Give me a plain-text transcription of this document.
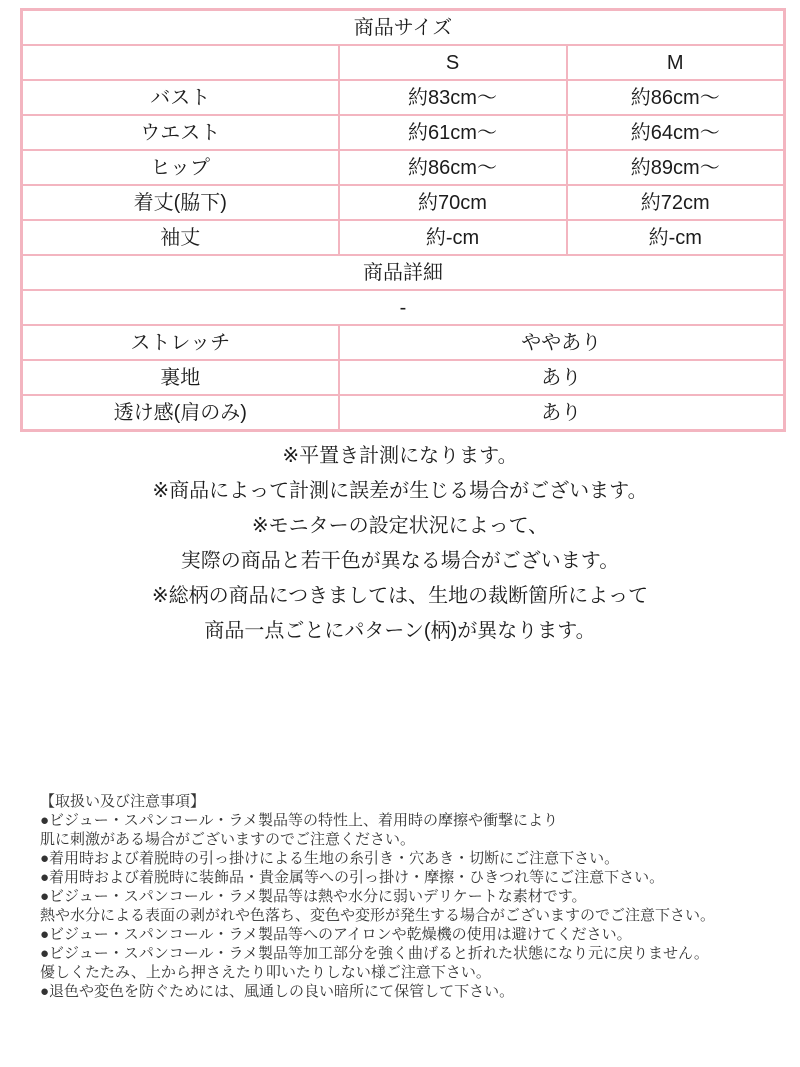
商品サイズ		
	S	M
バスト	約83cm～	約86cm～
ウエスト	約61cm～	約64cm～
ヒップ	約86cm～	約89cm～
着丈(脇下)	約70cm	約72cm
袖丈	約-cm	約-cm
商品詳細		
-		
ストレッチ	ややあり	
裏地	あり	
透け感(肩のみ)	あり	
※平置き計測になります。
※商品によって計測に誤差が生じる場合がございます。
※モニターの設定状況によって、
実際の商品と若干色が異なる場合がございます。
※総柄の商品につきましては、生地の裁断箇所によって
商品一点ごとにパターン(柄)が異なります。
【取扱い及び注意事項】
●ビジュー・スパンコール・ラメ製品等の特性上、着用時の摩擦や衝撃により
肌に刺激がある場合がございますのでご注意ください。
●着用時および着脱時の引っ掛けによる生地の糸引き・穴あき・切断にご注意下さい。
●着用時および着脱時に装飾品・貴金属等への引っ掛け・摩擦・ひきつれ等にご注意下さい。
●ビジュー・スパンコール・ラメ製品等は熱や水分に弱いデリケートな素材です。
熱や水分による表面の剥がれや色落ち、変色や変形が発生する場合がございますのでご注意下さい。
●ビジュー・スパンコール・ラメ製品等へのアイロンや乾燥機の使用は避けてください。
●ビジュー・スパンコール・ラメ製品等加工部分を強く曲げると折れた状態になり元に戻りません。
優しくたたみ、上から押さえたり叩いたりしない様ご注意下さい。
●退色や変色を防ぐためには、風通しの良い暗所にて保管して下さい。
